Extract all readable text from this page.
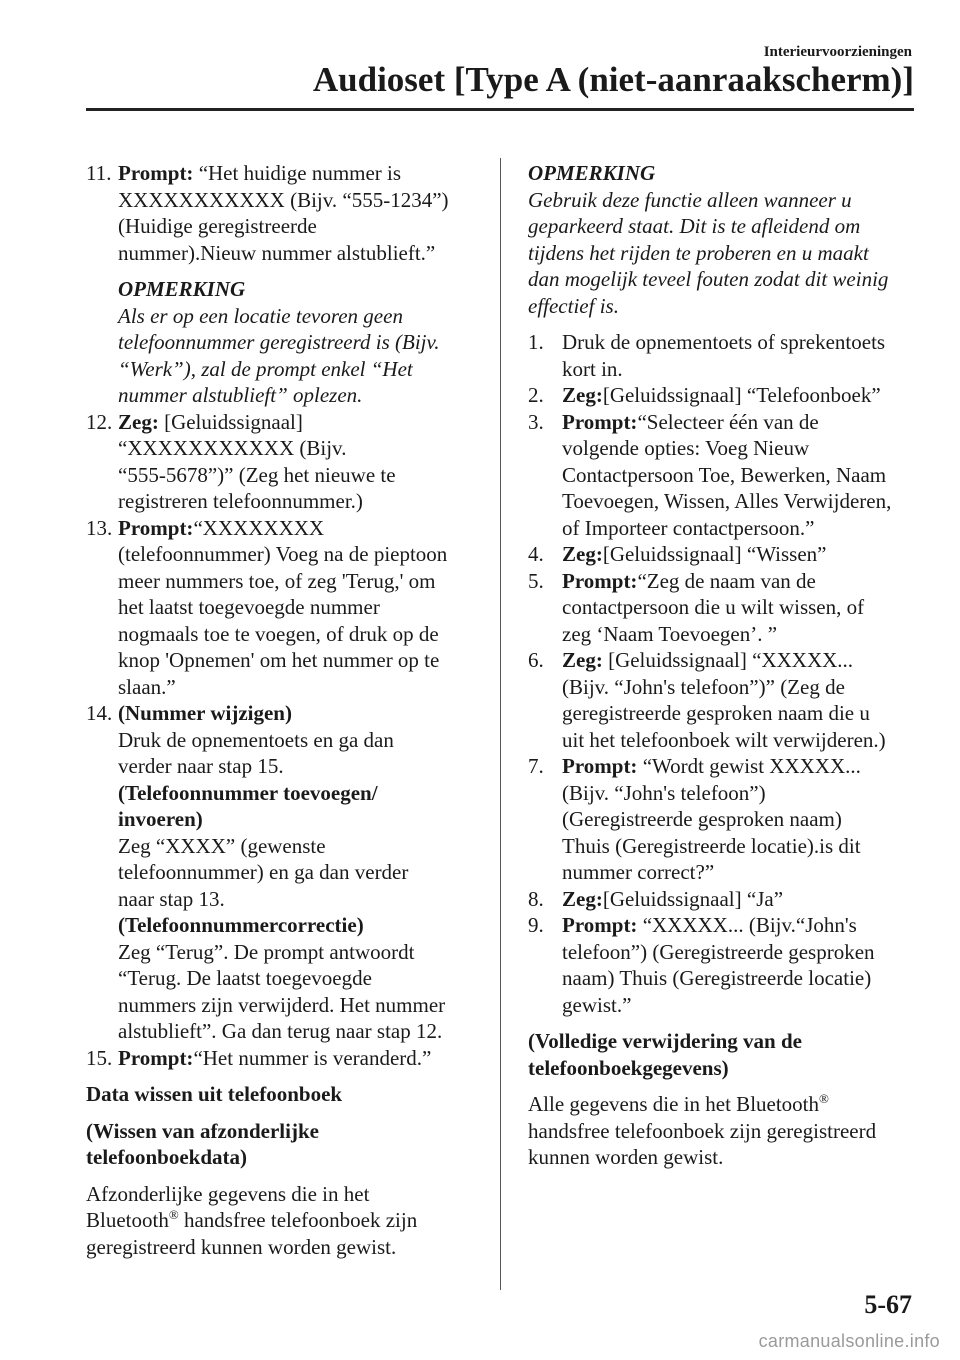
Interieurvoorzieningen
Audioset [Type A (niet-aanraakscherm)]
11. Prompt: “Het huidige nummer is
XXXXXXXXXXX (Bijv. “555-1234”)
(Huidige geregistreerde
nummer).Nieuw nummer alstublieft.”
OPMERKING
Als er op een locatie tevoren geen
telefoonnummer geregistreerd is (Bijv.
“Werk”), zal de prompt enkel “Het
nummer alstublieft” oplezen.
12. Zeg: [Geluidssignaal]
“XXXXXXXXXXX (Bijv.
“555-5678”)” (Zeg het nieuwe te
registreren telefoonnummer.)
13. Prompt:“XXXXXXXX
(telefoonnummer) Voeg na de pieptoon
meer nummers toe, of zeg 'Terug,' om
het laatst toegevoegde nummer
nogmaals toe te voegen, of druk op de
knop 'Opnemen' om het nummer op te
slaan.”
14. (Nummer wijzigen)
Druk de opnementoets en ga dan
verder naar stap 15.
(Telefoonnummer toevoegen/
invoeren)
Zeg “XXXX” (gewenste
telefoonnummer) en ga dan verder
naar stap 13.
(Telefoonnummercorrectie)
Zeg “Terug”. De prompt antwoordt
“Terug. De laatst toegevoegde
nummers zijn verwijderd. Het nummer
alstublieft”. Ga dan terug naar stap 12.
15. Prompt:“Het nummer is veranderd.”
Data wissen uit telefoonboek
(Wissen van afzonderlijke
telefoonboekdata)
Afzonderlijke gegevens die in het
Bluetooth® handsfree telefoonboek zijn
geregistreerd kunnen worden gewist.
OPMERKING
Gebruik deze functie alleen wanneer u
geparkeerd staat. Dit is te afleidend om
tijdens het rijden te proberen en u maakt
dan mogelijk teveel fouten zodat dit weinig
effectief is.
1. Druk de opnementoets of sprekentoets
kort in.
2. Zeg:[Geluidssignaal] “Telefoonboek”
3. Prompt:“Selecteer één van de
volgende opties: Voeg Nieuw
Contactpersoon Toe, Bewerken, Naam
Toevoegen, Wissen, Alles Verwijderen,
of Importeer contactpersoon.”
4. Zeg:[Geluidssignaal] “Wissen”
5. Prompt:“Zeg de naam van de
contactpersoon die u wilt wissen, of
zeg ‘Naam Toevoegen’. ”
6. Zeg: [Geluidssignaal] “XXXXX...
(Bijv. “John's telefoon”)” (Zeg de
geregistreerde gesproken naam die u
uit het telefoonboek wilt verwijderen.)
7. Prompt: “Wordt gewist XXXXX...
(Bijv. “John's telefoon”)
(Geregistreerde gesproken naam)
Thuis (Geregistreerde locatie).is dit
nummer correct?”
8. Zeg:[Geluidssignaal] “Ja”
9. Prompt: “XXXXX... (Bijv.“John's
telefoon”) (Geregistreerde gesproken
naam) Thuis (Geregistreerde locatie)
gewist.”
(Volledige verwijdering van de
telefoonboekgegevens)
Alle gegevens die in het Bluetooth®
handsfree telefoonboek zijn geregistreerd
kunnen worden gewist.
5-67
carmanualsonline.info
